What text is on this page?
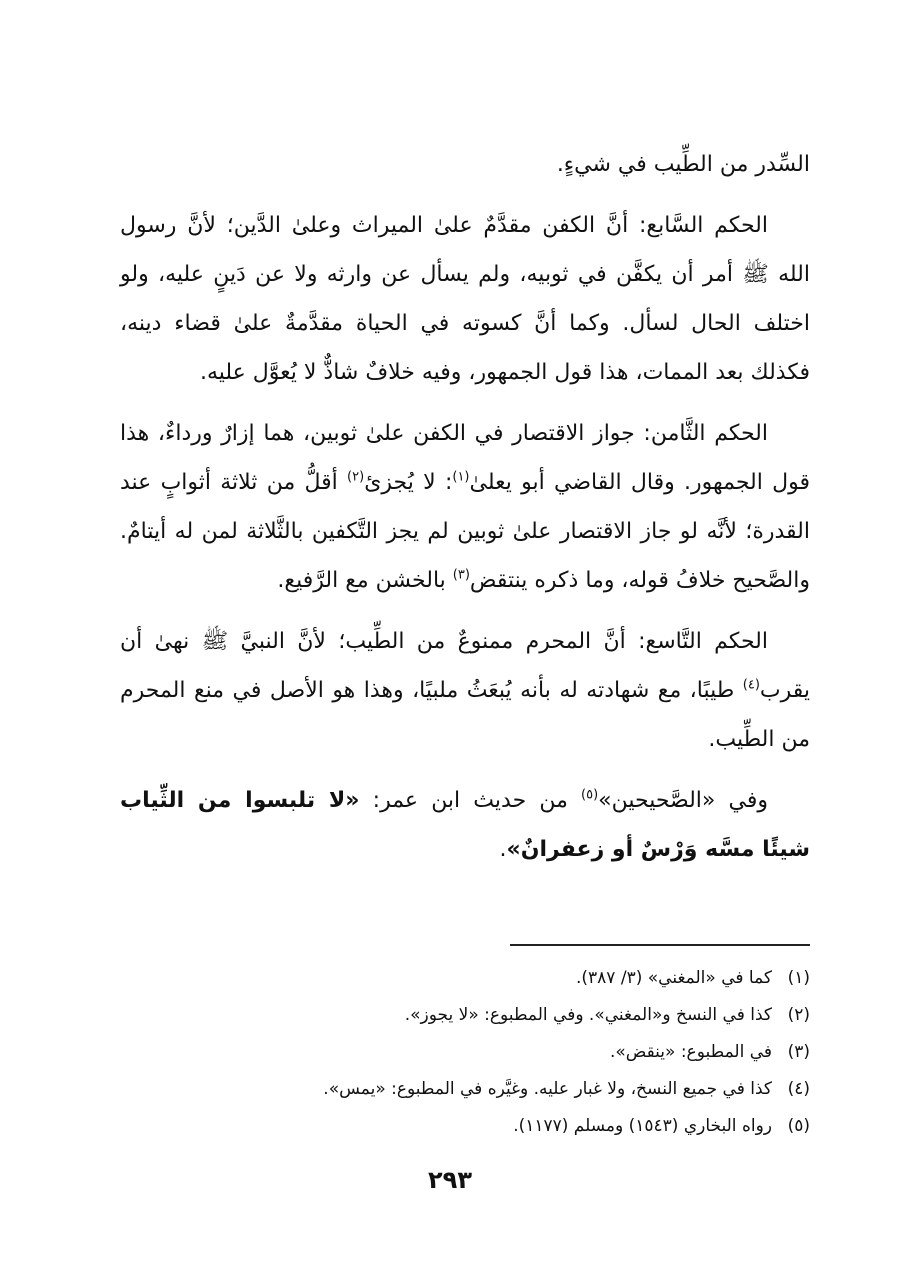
السِّدر من الطِّيب في شيءٍ.

الحكم السَّابع: أنَّ الكفن مقدَّمٌ علىٰ الميراث وعلىٰ الدَّين؛ لأنَّ رسول الله ﷺ أمر أن يكفَّن في ثوبيه، ولم يسأل عن وارثه ولا عن دَينٍ عليه، ولو اختلف الحال لسأل. وكما أنَّ كسوته في الحياة مقدَّمةٌ علىٰ قضاء دينه، فكذلك بعد الممات، هذا قول الجمهور، وفيه خلافٌ شاذٌّ لا يُعوَّل عليه.

الحكم الثَّامن: جواز الاقتصار في الكفن علىٰ ثوبين، هما إزارٌ ورداءٌ، هذا قول الجمهور. وقال القاضي أبو يعلىٰ$^{(١)}$: لا يُجزئ$^{(٢)}$ أقلُّ من ثلاثة أثوابٍ عند القدرة؛ لأنَّه لو جاز الاقتصار علىٰ ثوبين لم يجز التَّكفين بالثَّلاثة لمن له أيتامٌ. والصَّحيح خلافُ قوله، وما ذكره ينتقض$^{(٣)}$ بالخشن مع الرَّفيع.

الحكم التَّاسع: أنَّ المحرم ممنوعٌ من الطِّيب؛ لأنَّ النبيَّ ﷺ نهىٰ أن يقرب$^{(٤)}$ طيبًا، مع شهادته له بأنه يُبعَثُ ملبيًا، وهذا هو الأصل في منع المحرم من الطِّيب.

وفي «الصَّحيحين»$^{(٥)}$ من حديث ابن عمر: «لا تلبسوا من الثِّياب شيئًا مسَّه وَرْسٌ أو زعفرانٌ».

(١)كما في «المغني» (٣/ ٣٨٧).
(٢)كذا في النسخ و«المغني». وفي المطبوع: «لا يجوز».
(٣)في المطبوع: «ينقض».
(٤)كذا في جميع النسخ، ولا غبار عليه. وغيَّره في المطبوع: «يمس».
(٥)رواه البخاري (١٥٤٣) ومسلم (١١٧٧).
٢٩٣
